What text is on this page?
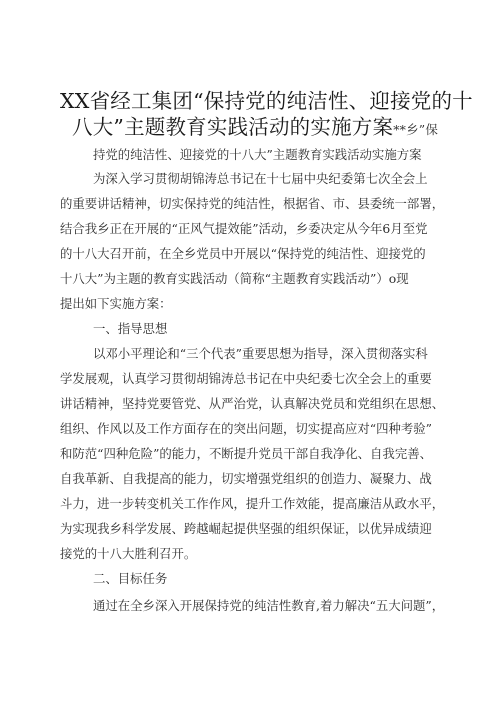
XX省经工集团“保持党的纯洁性、迎接党的十
八大”主题教育实践活动的实施方案**乡”保
持党的纯洁性、迎接党的十八大”主题教育实践活动实施方案
为深入学习贯彻胡锦涛总书记在十七届中央纪委第七次全会上
的重要讲话精神，切实保持党的纯洁性，根据省、市、县委统一部署，
结合我乡正在开展的“正风气提效能”活动，乡委决定从今年6月至党
的十八大召开前，在全乡党员中开展以“保持党的纯洁性、迎接党的
十八大”为主题的教育实践活动（简称“主题教育实践活动”）o现
提出如下实施方案：
一、指导思想
以邓小平理论和“三个代表”重要思想为指导，深入贯彻落实科
学发展观，认真学习贯彻胡锦涛总书记在中央纪委七次全会上的重要
讲话精神，坚持党要管党、从严治党，认真解决党员和党组织在思想、
组织、作风以及工作方面存在的突出问题，切实提高应对“四种考验”
和防范“四种危险”的能力，不断提升党员干部自我净化、自我完善、
自我革新、自我提高的能力，切实增强党组织的创造力、凝聚力、战
斗力，进一步转变机关工作作风，提升工作效能，提高廉洁从政水平，
为实现我乡科学发展、跨越崛起提供坚强的组织保证，以优异成绩迎
接党的十八大胜利召开。
二、目标任务
通过在全乡深入开展保持党的纯洁性教育,着力解决“五大问题”，
